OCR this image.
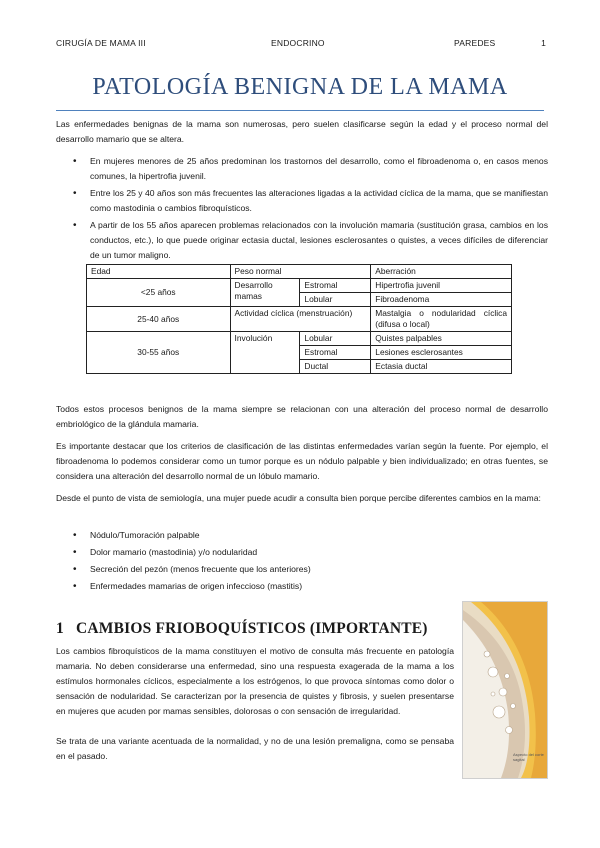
CIRUGÍA DE MAMA III	ENDOCRINO	PAREDES	1
PATOLOGÍA BENIGNA DE LA MAMA

Las enfermedades benignas de la mama son numerosas, pero suelen clasificarse según la edad y el proceso normal del desarrollo mamario que se altera.

• En mujeres menores de 25 años predominan los trastornos del desarrollo, como el fibroadenoma o, en casos menos comunes, la hipertrofia juvenil.
• Entre los 25 y 40 años son más frecuentes las alteraciones ligadas a la actividad cíclica de la mama, que se manifiestan como mastodinia o cambios fibroquísticos.
• A partir de los 55 años aparecen problemas relacionados con la involución mamaria (sustitución grasa, cambios en los conductos, etc.), lo que puede originar ectasia ductal, lesiones esclerosantes o quistes, a veces difíciles de diferenciar de un tumor maligno.
Edad	Peso normal		Aberración
<25 años	Desarrollo mamas	Estromal	Hipertrofia juvenil
		Lobular	Fibroadenoma
25-40 años	Actividad cíclica (menstruación)		Mastalgia o nodularidad cíclica (difusa o local)
30-55 años	Involución	Lobular	Quistes palpables
		Estromal	Lesiones esclerosantes
		Ductal	Ectasia ductal

Todos estos procesos benignos de la mama siempre se relacionan con una alteración del proceso normal de desarrollo embriológico de la glándula mamaria.

Es importante destacar que los criterios de clasificación de las distintas enfermedades varían según la fuente. Por ejemplo, el fibroadenoma lo podemos considerar como un tumor porque es un nódulo palpable y bien individualizado; en otras fuentes, se considera una alteración del desarrollo normal de un lóbulo mamario.

Desde el punto de vista de semiología, una mujer puede acudir a consulta bien porque percibe diferentes cambios en la mama:

• Nódulo/Tumoración palpable
• Dolor mamario (mastodinia) y/o nodularidad
• Secreción del pezón (menos frecuente que los anteriores)
• Enfermedades mamarias de origen infeccioso (mastitis)
1 CAMBIOS FRIOBOQUÍSTICOS (IMPORTANTE)

Los cambios fibroquísticos de la mama constituyen el motivo de consulta más frecuente en patología mamaria. No deben considerarse una enfermedad, sino una respuesta exagerada de la mama a los estímulos hormonales cíclicos, especialmente a los estrógenos, lo que provoca síntomas como dolor o sensación de nodularidad. Se caracterizan por la presencia de quistes y fibrosis, y suelen presentarse en mujeres que acuden por mamas sensibles, dolorosas o con sensación de irregularidad.

Se trata de una variante acentuada de la normalidad, y no de una lesión premaligna, como se pensaba en el pasado.	Aspecto del corte sagital
